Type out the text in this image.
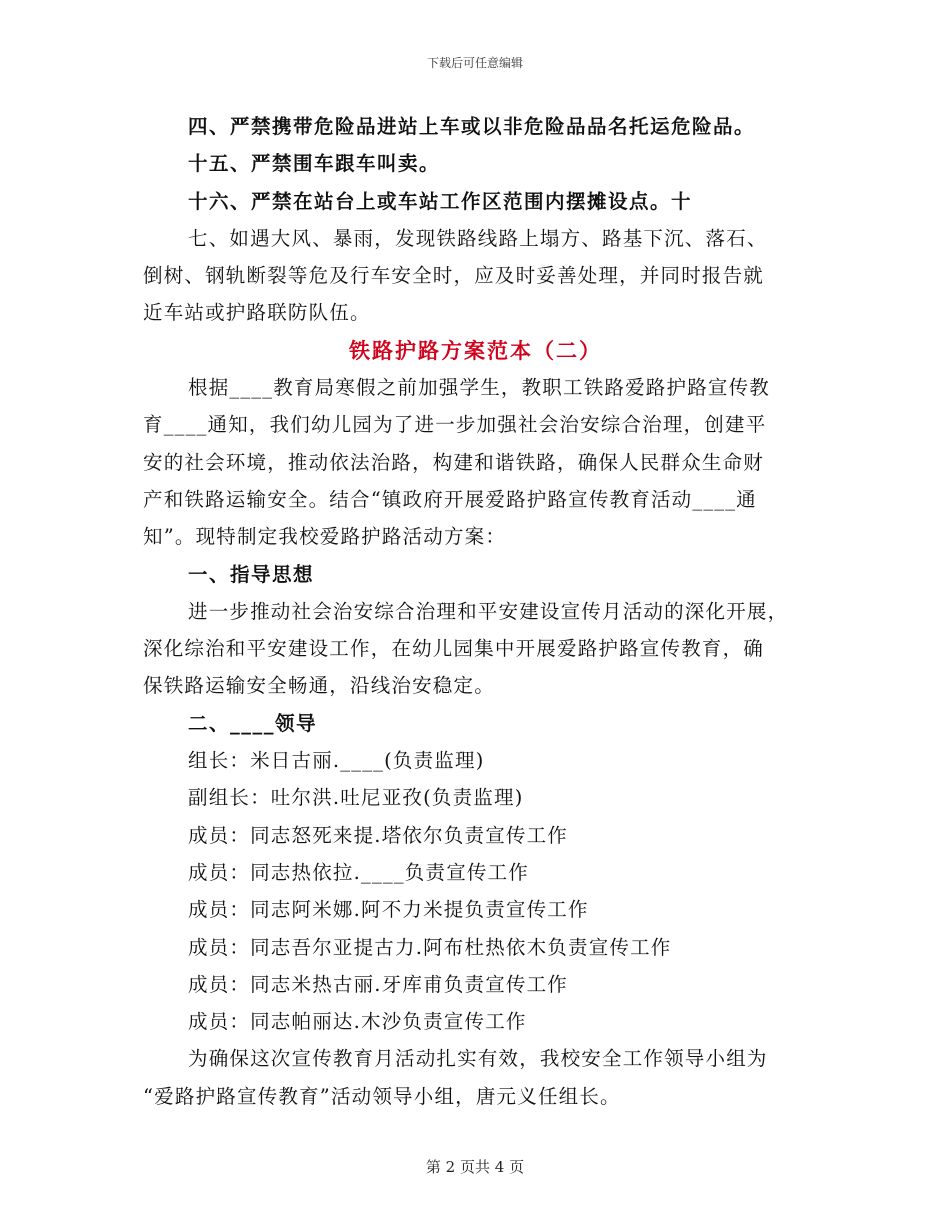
下载后可任意编辑
四、严禁携带危险品进站上车或以非危险品品名托运危险品。
十五、严禁围车跟车叫卖。
十六、严禁在站台上或车站工作区范围内摆摊设点。十
七、如遇大风、暴雨，发现铁路线路上塌方、路基下沉、落石、
倒树、钢轨断裂等危及行车安全时，应及时妥善处理，并同时报告就
近车站或护路联防队伍。
铁路护路方案范本（二）
根据____教育局寒假之前加强学生，教职工铁路爱路护路宣传教
育____通知，我们幼儿园为了进一步加强社会治安综合治理，创建平
安的社会环境，推动依法治路，构建和谐铁路，确保人民群众生命财
产和铁路运输安全。结合“镇政府开展爱路护路宣传教育活动____通
知”。现特制定我校爱路护路活动方案：
一、指导思想
进一步推动社会治安综合治理和平安建设宣传月活动的深化开展，
深化综治和平安建设工作，在幼儿园集中开展爱路护路宣传教育，确
保铁路运输安全畅通，沿线治安稳定。
二、____领导
组长：米日古丽.____(负责监理)
副组长：吐尔洪.吐尼亚孜(负责监理)
成员：同志怒死来提.塔依尔负责宣传工作
成员：同志热依拉.____负责宣传工作
成员：同志阿米娜.阿不力米提负责宣传工作
成员：同志吾尔亚提古力.阿布杜热依木负责宣传工作
成员：同志米热古丽.牙库甫负责宣传工作
成员：同志帕丽达.木沙负责宣传工作
为确保这次宣传教育月活动扎实有效，我校安全工作领导小组为
“爱路护路宣传教育”活动领导小组，唐元义任组长。
第 2 页共 4 页
